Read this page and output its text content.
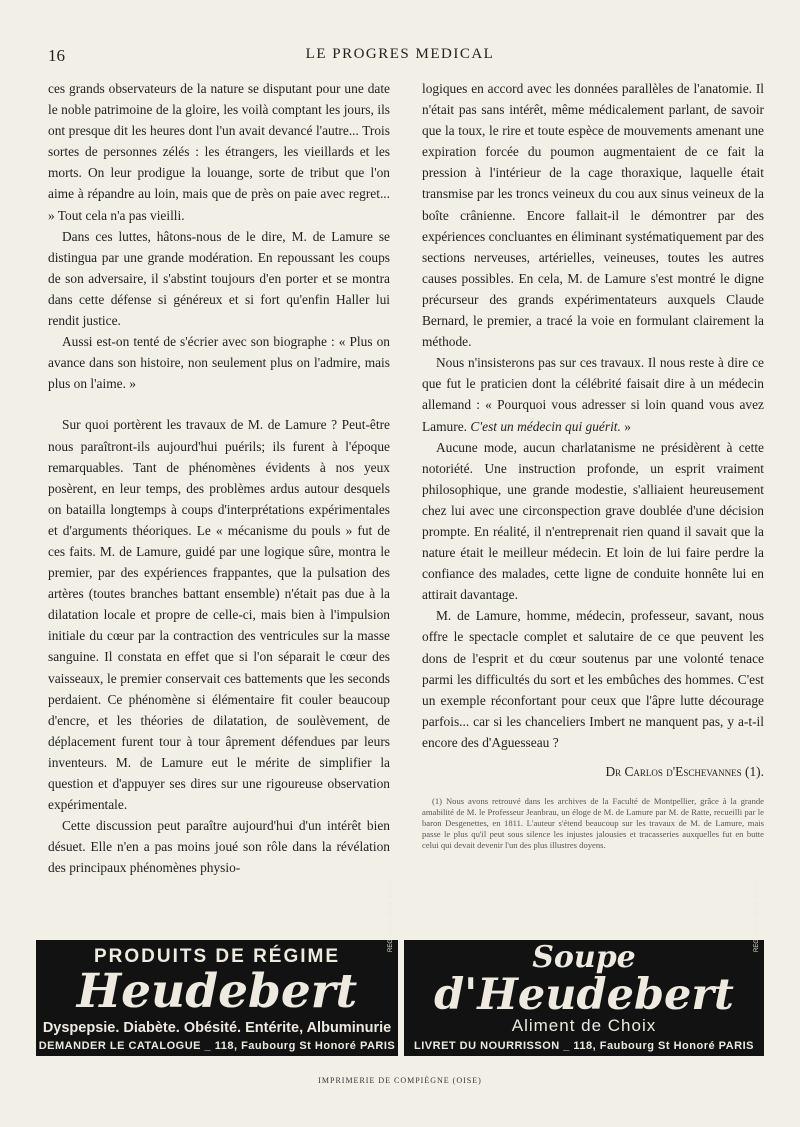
16	LE PROGRES MEDICAL

ces grands observateurs de la nature se disputant pour une date le noble patrimoine de la gloire, les voilà comptant les jours, ils ont presque dit les heures dont l'un avait devancé l'autre... Trois sortes de personnes zélés : les étrangers, les vieillards et les morts. On leur prodigue la louange, sorte de tribut que l'on aime à répandre au loin, mais que de près on paie avec regret... » Tout cela n'a pas vieilli.

Dans ces luttes, hâtons-nous de le dire, M. de Lamure se distingua par une grande modération. En repoussant les coups de son adversaire, il s'abstint toujours d'en porter et se montra dans cette défense si généreux et si fort qu'enfin Haller lui rendit justice.

Aussi est-on tenté de s'écrier avec son biographe : « Plus on avance dans son histoire, non seulement plus on l'admire, mais plus on l'aime. »

Sur quoi portèrent les travaux de M. de Lamure ? Peut-être nous paraîtront-ils aujourd'hui puérils; ils furent à l'époque remarquables. Tant de phénomènes évidents à nos yeux posèrent, en leur temps, des problèmes ardus autour desquels on batailla longtemps à coups d'interprétations expérimentales et d'arguments théoriques. Le « mécanisme du pouls » fut de ces faits. M. de Lamure, guidé par une logique sûre, montra le premier, par des expériences frappantes, que la pulsation des artères (toutes branches battant ensemble) n'était pas due à la dilatation locale et propre de celle-ci, mais bien à l'impulsion initiale du cœur par la contraction des ventricules sur la masse sanguine. Il constata en effet que si l'on séparait le cœur des vaisseaux, le premier conservait ces battements que les seconds perdaient. Ce phénomène si élémentaire fit couler beaucoup d'encre, et les théories de dilatation, de soulèvement, de déplacement furent tour à tour âprement défendues par leurs inventeurs. M. de Lamure eut le mérite de simplifier la question et d'appuyer ses dires sur une rigoureuse observation expérimentale.

Cette discussion peut paraître aujourd'hui d'un intérêt bien désuet. Elle n'en a pas moins joué son rôle dans la révélation des principaux phénomènes physio-

logiques en accord avec les données parallèles de l'anatomie. Il n'était pas sans intérêt, même médicalement parlant, de savoir que la toux, le rire et toute espèce de mouvements amenant une expiration forcée du poumon augmentaient de ce fait la pression à l'intérieur de la cage thoraxique, laquelle était transmise par les troncs veineux du cou aux sinus veineux de la boîte crânienne. Encore fallait-il le démontrer par des expériences concluantes en éliminant systématiquement par des sections nerveuses, artérielles, veineuses, toutes les autres causes possibles. En cela, M. de Lamure s'est montré le digne précurseur des grands expérimentateurs auxquels Claude Bernard, le premier, a tracé la voie en formulant clairement la méthode.

Nous n'insisterons pas sur ces travaux. Il nous reste à dire ce que fut le praticien dont la célébrité faisait dire à un médecin allemand : « Pourquoi vous adresser si loin quand vous avez Lamure. C'est un médecin qui guérit. »

Aucune mode, aucun charlatanisme ne présidèrent à cette notoriété. Une instruction profonde, un esprit vraiment philosophique, une grande modestie, s'alliaient heureusement chez lui avec une circonspection grave doublée d'une décision prompte. En réalité, il n'entreprenait rien quand il savait que la nature était le meilleur médecin. Et loin de lui faire perdre la confiance des malades, cette ligne de conduite honnête lui en attirait davantage.

M. de Lamure, homme, médecin, professeur, savant, nous offre le spectacle complet et salutaire de ce que peuvent les dons de l'esprit et du cœur soutenus par une volonté tenace parmi les difficultés du sort et les embûches des hommes. C'est un exemple réconfortant pour ceux que l'âpre lutte décourage parfois... car si les chanceliers Imbert ne manquent pas, y a-t-il encore des d'Aguesseau ?

Dr Carlos d'Eschevannes (1).
(1) Nous avons retrouvé dans les archives de la Faculté de Montpellier, grâce à la grande amabilité de M. le Professeur Jeanbrau, un éloge de M. de Lamure par M. de Ratte, recueilli par le baron Desgenettes, en 1811. L'auteur s'étend beaucoup sur les travaux de M. de Lamure, mais passe le plus qu'il peut sous silence les injustes jalousies et tracasseries auxquelles fut en butte celui qui devait devenir l'un des plus illustres doyens.
PRODUITS DE RÉGIME
Heudebert
Dyspepsie. Diabète. Obésité. Entérite, Albuminurie
DEMANDER LE CATALOGUE _ 118, Faubourg St Honoré PARIS
REG. COM. SEINE 65.320
Soupe
d'Heudebert
Aliment de Choix
LIVRET DU NOURRISSON _ 118, Faubourg St Honoré PARIS
REG. COM. SEINE 65.320
IMPRIMERIE DE COMPIÈGNE (OISE)
